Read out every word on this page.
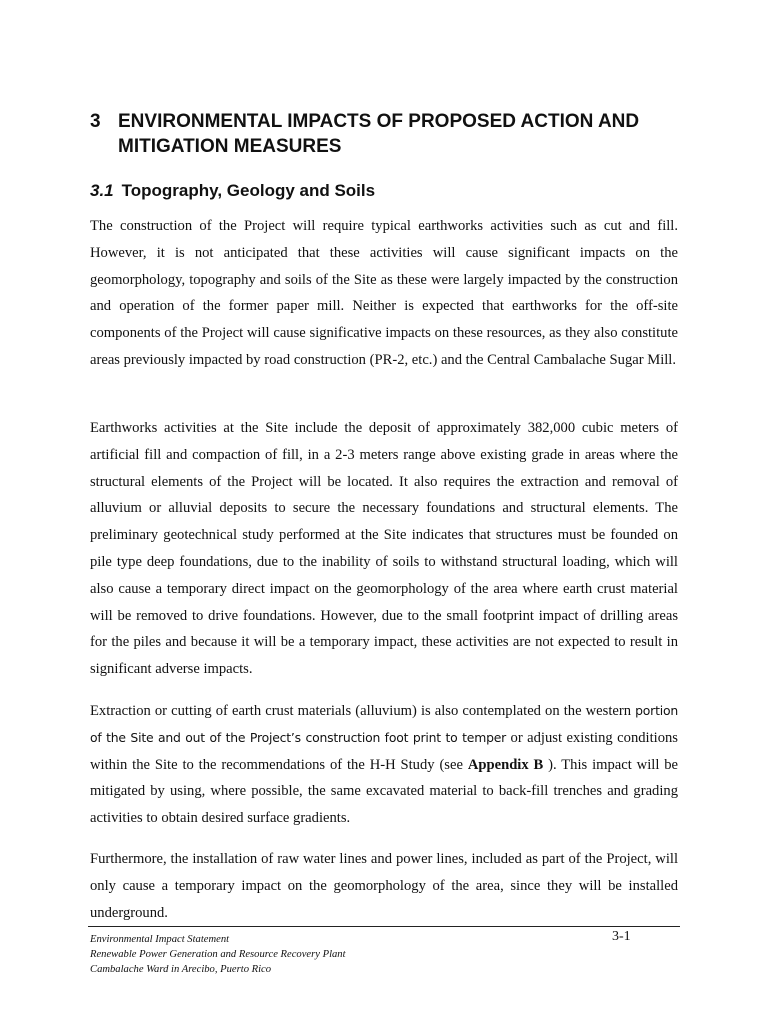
3 ENVIRONMENTAL IMPACTS OF PROPOSED ACTION AND MITIGATION MEASURES
3.1 Topography, Geology and Soils

The construction of the Project will require typical earthworks activities such as cut and fill. However, it is not anticipated that these activities will cause significant impacts on the geomorphology, topography and soils of the Site as these were largely impacted by the construction and operation of the former paper mill. Neither is expected that earthworks for the off-site components of the Project will cause significative impacts on these resources, as they also constitute areas previously impacted by road construction (PR-2, etc.) and the Central Cambalache Sugar Mill.

Earthworks activities at the Site include the deposit of approximately 382,000 cubic meters of artificial fill and compaction of fill, in a 2-3 meters range above existing grade in areas where the structural elements of the Project will be located. It also requires the extraction and removal of alluvium or alluvial deposits to secure the necessary foundations and structural elements. The preliminary geotechnical study performed at the Site indicates that structures must be founded on pile type deep foundations, due to the inability of soils to withstand structural loading, which will also cause a temporary direct impact on the geomorphology of the area where earth crust material will be removed to drive foundations. However, due to the small footprint impact of drilling areas for the piles and because it will be a temporary impact, these activities are not expected to result in significant adverse impacts.

Extraction or cutting of earth crust materials (alluvium) is also contemplated on the western portion of the Site and out of the Project’s construction foot print to temper or adjust existing conditions within the Site to the recommendations of the H-H Study (see Appendix B ). This impact will be mitigated by using, where possible, the same excavated material to back-fill trenches and grading activities to obtain desired surface gradients.

Furthermore, the installation of raw water lines and power lines, included as part of the Project, will only cause a temporary impact on the geomorphology of the area, since they will be installed underground.

Environmental Impact Statement
Renewable Power Generation and Resource Recovery Plant
Cambalache Ward in Arecibo, Puerto Rico
3-1
